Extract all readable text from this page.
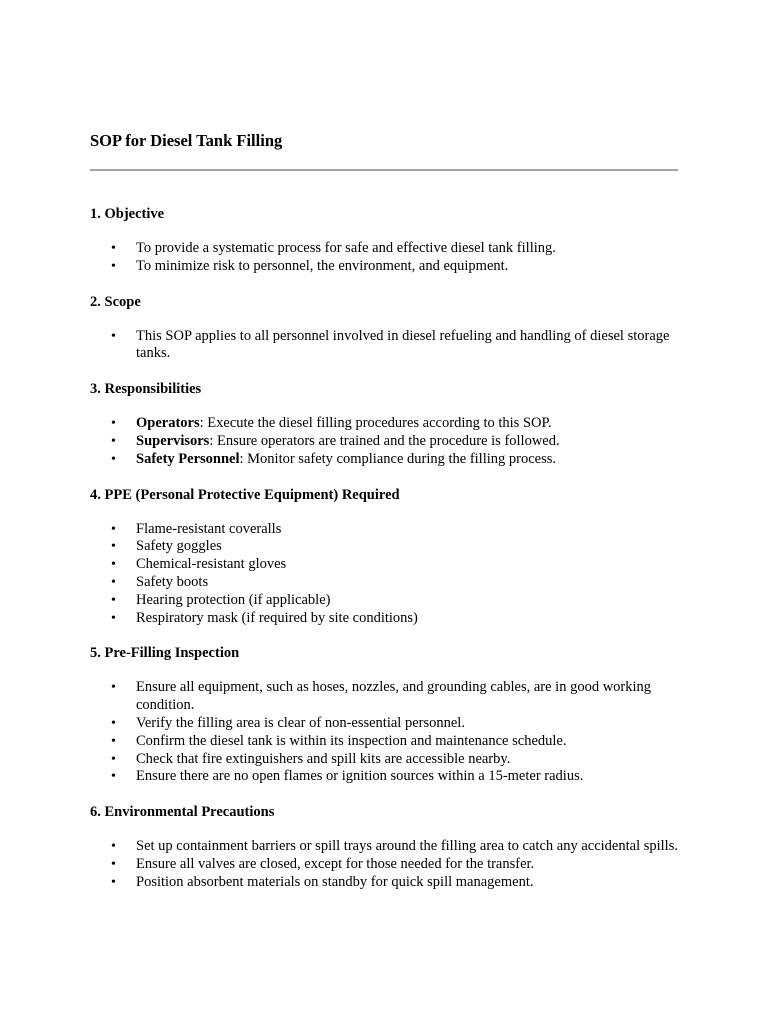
SOP for Diesel Tank Filling
1. Objective
• To provide a systematic process for safe and effective diesel tank filling.
• To minimize risk to personnel, the environment, and equipment.
2. Scope
• This SOP applies to all personnel involved in diesel refueling and handling of diesel storage tanks.
3. Responsibilities
• Operators: Execute the diesel filling procedures according to this SOP.
• Supervisors: Ensure operators are trained and the procedure is followed.
• Safety Personnel: Monitor safety compliance during the filling process.
4. PPE (Personal Protective Equipment) Required
• Flame-resistant coveralls
• Safety goggles
• Chemical-resistant gloves
• Safety boots
• Hearing protection (if applicable)
• Respiratory mask (if required by site conditions)
5. Pre-Filling Inspection
• Ensure all equipment, such as hoses, nozzles, and grounding cables, are in good working condition.
• Verify the filling area is clear of non-essential personnel.
• Confirm the diesel tank is within its inspection and maintenance schedule.
• Check that fire extinguishers and spill kits are accessible nearby.
• Ensure there are no open flames or ignition sources within a 15-meter radius.
6. Environmental Precautions
• Set up containment barriers or spill trays around the filling area to catch any accidental spills.
• Ensure all valves are closed, except for those needed for the transfer.
• Position absorbent materials on standby for quick spill management.
